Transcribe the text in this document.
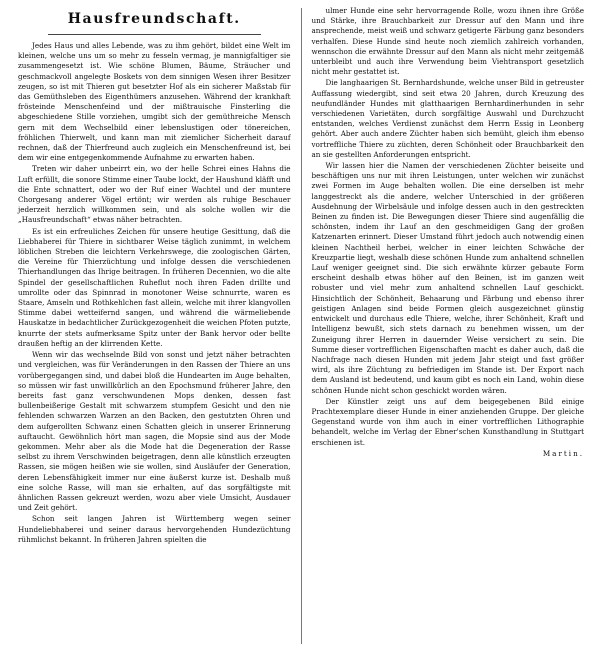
Hausfreundschaft.

Jedes Haus und alles Lebende, was zu ihm gehört, bildet eine Welt im kleinen, welche uns um so mehr zu fesseln vermag, je mannigfaltiger sie zusammengesetzt ist. Wie schöne Blumen, Bäume, Sträucher und geschmackvoll angelegte Boskets von dem sinnigen Wesen ihrer Besitzer zeugen, so ist mit Thieren gut besetzter Hof als ein sicherer Maßstab für das Gemüthsleben des Eigenthümers anzusehen. Während der krankhaft frösteinde Menschenfeind und der mißtrauische Finsterling die abgeschiedene Stille vorziehen, umgibt sich der gemüthreiche Mensch gern mit dem Wechselbild einer lebenslustigen oder tönereichen, fröhlichen Thierwelt, und kann man mit ziemlicher Sicherheit darauf rechnen, daß der Thierfreund auch zugleich ein Menschenfreund ist, bei dem wir eine entgegenkommende Aufnahme zu erwarten haben.

Treten wir daher unbeirrt ein, wo der helle Schrei eines Hahns die Luft erfüllt, die sonore Stimme einer Taube lockt, der Haushund kläfft und die Ente schnattert, oder wo der Ruf einer Wachtel und der muntere Chorgesang anderer Vögel ertönt; wir werden als ruhige Beschauer jederzeit herzlich willkommen sein, und als solche wollen wir die „Hausfreundschaft“ etwas näher betrachten.

Es ist ein erfreuliches Zeichen für unsere heutige Gesittung, daß die Liebhaberei für Thiere in sichtbarer Weise täglich zunimmt, in welchem löblichen Streben die leichtern Verkehrswege, die zoologischen Gärten, die Vereine für Thierzüchtung und infolge dessen die verschiedenen Thierhandlungen das Ihrige beitragen. In früheren Decennien, wo die alte Spindel der gesellschaftlichen Ruheflut noch ihren Faden drillte und umrollte oder das Spinnrad in monotoner Weise schnurrte, waren es Staare, Amseln und Rothkehlchen fast allein, welche mit ihrer klangvollen Stimme dabei wetteifernd sangen, und während die wärmeliebende Hauskatze in bedachtlicher Zurückgezogenheit die weichen Pfoten putzte, knurrte der stets aufmerksame Spitz unter der Bank hervor oder bellte draußen heftig an der klirrenden Kette.

Wenn wir das wechselnde Bild von sonst und jetzt näher betrachten und vergleichen, was für Veränderungen in den Rassen der Thiere an uns vorübergegangen sind, und dabei bloß die Hundearten im Auge behalten, so müssen wir fast unwillkürlich an den Epochsmund früherer Jahre, den bereits fast ganz verschwundenen Mops denken, dessen fast bullenbeißerige Gestalt mit schwarzem stumpfem Gesicht und den nie fehlenden schwarzen Warzen an den Backen, den gestutzten Ohren und dem aufgerollten Schwanz einen Schatten gleich in unserer Erinnerung auftaucht. Gewöhnlich hört man sagen, die Mopsie sind aus der Mode gekommen. Mehr aber als die Mode hat die Degeneration der Rasse selbst zu ihrem Verschwinden beigetragen, denn alle künstlich erzeugten Rassen, sie mögen heißen wie sie wollen, sind Ausläufer der Generation, deren Lebensfähigkeit immer nur eine äußerst kurze ist. Deshalb muß eine solche Rasse, will man sie erhalten, auf das sorgfältigste mit ähnlichen Rassen gekreuzt werden, wozu aber viele Umsicht, Ausdauer und Zeit gehört.

Schon seit langen Jahren ist Württemberg wegen seiner Hundeliebhaberei und seiner daraus hervorgehenden Hundezüchtung rühmlichst bekannt. In früheren Jahren spielten die

ulmer Hunde eine sehr hervorragende Rolle, wozu ihnen ihre Größe und Stärke, ihre Brauchbarkeit zur Dressur auf den Mann und ihre ansprechende, meist weiß und schwarz getigerte Färbung ganz besonders verhalfen. Diese Hunde sind heute noch ziemlich zahlreich vorhanden, wennschon die erwähnte Dressur auf den Mann als nicht mehr zeitgemäß unterbleibt und auch ihre Verwendung beim Viehtransport gesetzlich nicht mehr gestattet ist.

Die langhaarigen St. Bernhardshunde, welche unser Bild in getreuster Auffassung wiedergibt, sind seit etwa 20 Jahren, durch Kreuzung des neufundländer Hundes mit glatthaarigen Bernhardinerhunden in sehr verschiedenen Varietäten, durch sorgfältige Auswahl und Durchzucht entstanden, welches Verdienst zunächst dem Herrn Essig in Leonberg gehört. Aber auch andere Züchter haben sich bemüht, gleich ihm ebenso vortreffliche Thiere zu züchten, deren Schönheit oder Brauchbarkeit den an sie gestellten Anforderungen entspricht.

Wir lassen hier die Namen der verschiedenen Züchter beiseite und beschäftigen uns nur mit ihren Leistungen, unter welchen wir zunächst zwei Formen im Auge behalten wollen. Die eine derselben ist mehr langgestreckt als die andere, welcher Unterschied in der größeren Ausdehnung der Wirbelsäule und infolge dessen auch in den gestreckten Beinen zu finden ist. Die Bewegungen dieser Thiere sind augenfällig die schönsten, indem ihr Lauf an den geschmeidigen Gang der großen Katzenarten erinnert. Dieser Umstand führt jedoch auch notwendig einen kleinen Nachtheil herbei, welcher in einer leichten Schwäche der Kreuzpartie liegt, weshalb diese schönen Hunde zum anhaltend schnellen Lauf weniger geeignet sind. Die sich erwähnte kürzer gebaute Form erscheint deshalb etwas höher auf den Beinen, ist im ganzen weit robuster und viel mehr zum anhaltend schnellen Lauf geschickt. Hinsichtlich der Schönheit, Behaarung und Färbung und ebenso ihrer geistigen Anlagen sind beide Formen gleich ausgezeichnet günstig entwickelt und durchaus edle Thiere, welche, ihrer Schönheit, Kraft und Intelligenz bewußt, sich stets darnach zu benehmen wissen, um der Zuneigung ihrer Herren in dauernder Weise versichert zu sein. Die Summe dieser vortrefflichen Eigenschaften macht es daher auch, daß die Nachfrage nach diesen Hunden mit jedem Jahr steigt und fast größer wird, als ihre Züchtung zu befriedigen im Stande ist. Der Export nach dem Ausland ist bedeutend, und kaum gibt es noch ein Land, wohin diese schönen Hunde nicht schon geschickt worden wären.

Der Künstler zeigt uns auf dem beigegebenen Bild einige Prachtexemplare dieser Hunde in einer anziehenden Gruppe. Der gleiche Gegenstand wurde von ihm auch in einer vortrefflichen Lithographie behandelt, welche im Verlag der Ebner'schen Kunsthandlung in Stuttgart erschienen ist.

Martin.
